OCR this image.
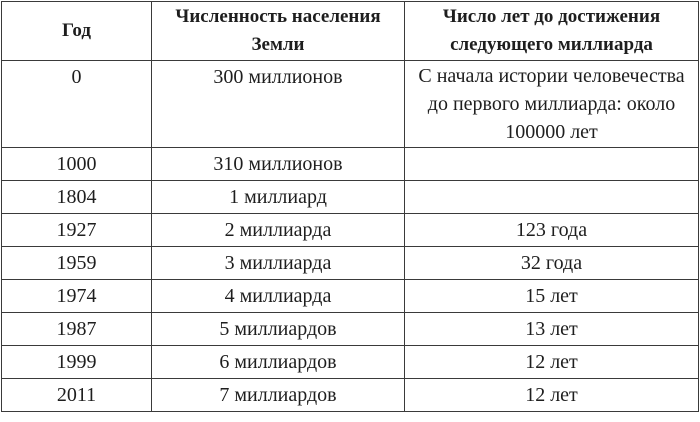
Год	Численность населения Земли	Число лет до достижения следующего миллиарда
0	300 миллионов	С начала истории человечества до первого миллиарда: около 100000 лет
1000	310 миллионов	
1804	1 миллиард	
1927	2 миллиарда	123 года
1959	3 миллиарда	32 года
1974	4 миллиарда	15 лет
1987	5 миллиардов	13 лет
1999	6 миллиардов	12 лет
2011	7 миллиардов	12 лет
